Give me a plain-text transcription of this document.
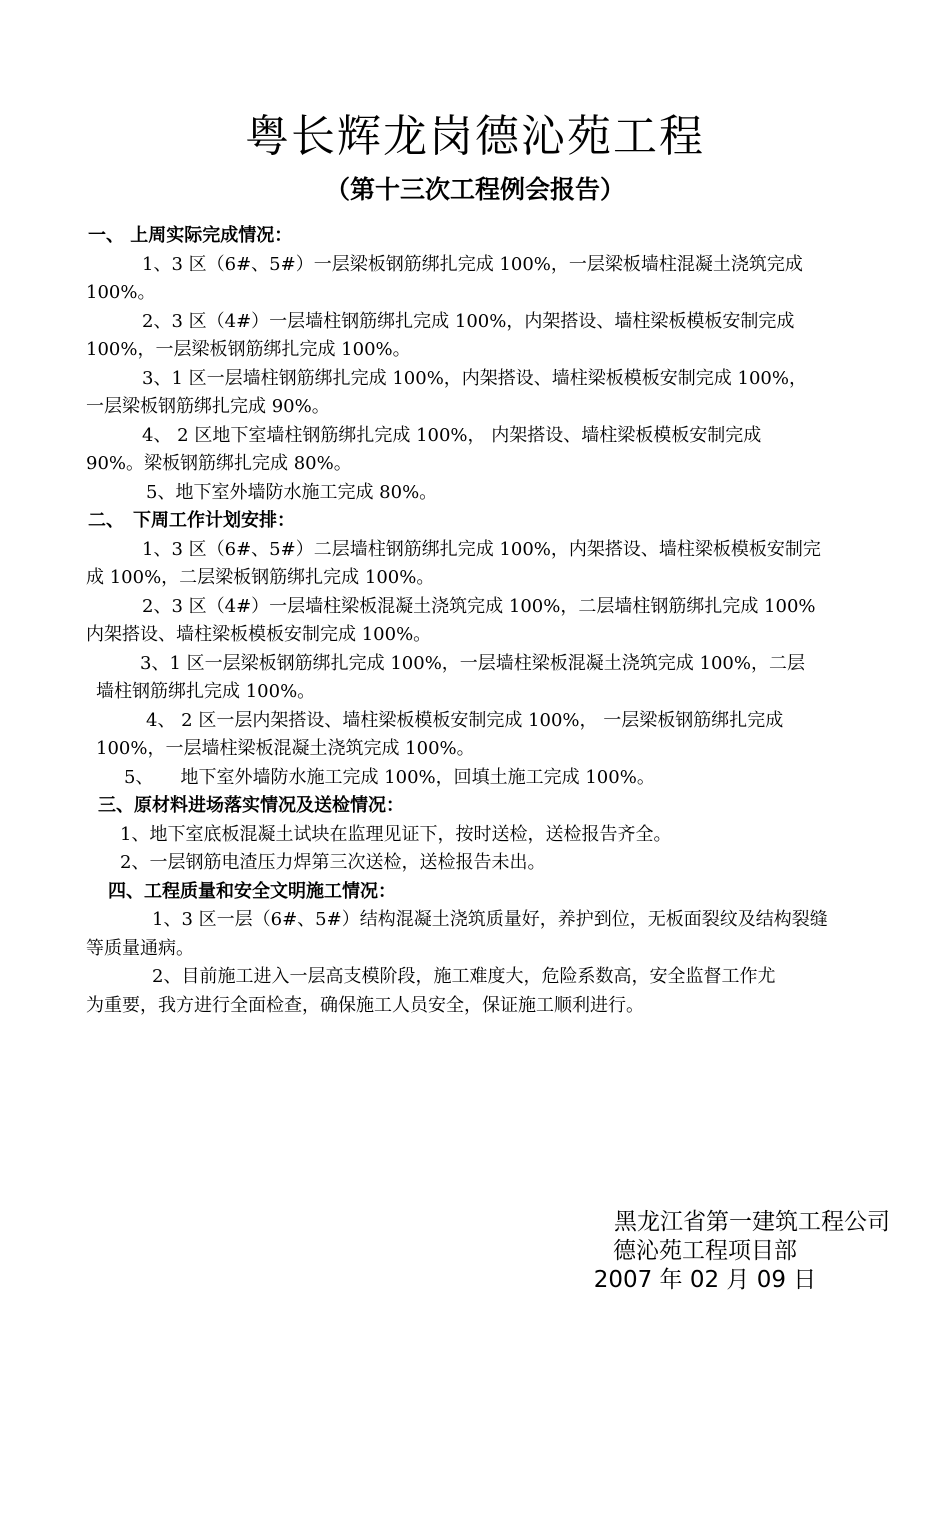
粤长辉龙岗德沁苑工程
（第十三次工程例会报告）

一、 上周实际完成情况：

1、3 区（6#、5#）一层梁板钢筋绑扎完成 100%，一层梁板墙柱混凝土浇筑完成

100%。

2、3 区（4#）一层墙柱钢筋绑扎完成 100%，内架搭设、墙柱梁板模板安制完成

100%，一层梁板钢筋绑扎完成 100%。

3、1 区一层墙柱钢筋绑扎完成 100%，内架搭设、墙柱梁板模板安制完成 100%，

一层梁板钢筋绑扎完成 90%。

4、 2 区地下室墙柱钢筋绑扎完成 100%， 内架搭设、墙柱梁板模板安制完成

90%。梁板钢筋绑扎完成 80%。

5、地下室外墙防水施工完成 80%。

二、　下周工作计划安排：

1、3 区（6#、5#）二层墙柱钢筋绑扎完成 100%，内架搭设、墙柱梁板模板安制完

成 100%，二层梁板钢筋绑扎完成 100%。

2、3 区（4#）一层墙柱梁板混凝土浇筑完成 100%，二层墙柱钢筋绑扎完成 100%

内架搭设、墙柱梁板模板安制完成 100%。

3、1 区一层梁板钢筋绑扎完成 100%，一层墙柱梁板混凝土浇筑完成 100%，二层

墙柱钢筋绑扎完成 100%。

4、 2 区一层内架搭设、墙柱梁板模板安制完成 100%， 一层梁板钢筋绑扎完成

100%，一层墙柱梁板混凝土浇筑完成 100%。

5、　　地下室外墙防水施工完成 100%，回填土施工完成 100%。

三、原材料进场落实情况及送检情况：

1、地下室底板混凝土试块在监理见证下，按时送检，送检报告齐全。

2、一层钢筋电渣压力焊第三次送检，送检报告未出。

四、工程质量和安全文明施工情况：

1、3 区一层（6#、5#）结构混凝土浇筑质量好，养护到位，无板面裂纹及结构裂缝

等质量通病。

2、目前施工进入一层高支模阶段，施工难度大，危险系数高，安全监督工作尤

为重要，我方进行全面检查，确保施工人员安全，保证施工顺利进行。

黑龙江省第一建筑工程公司
德沁苑工程项目部
2007 年 02 月 09 日
